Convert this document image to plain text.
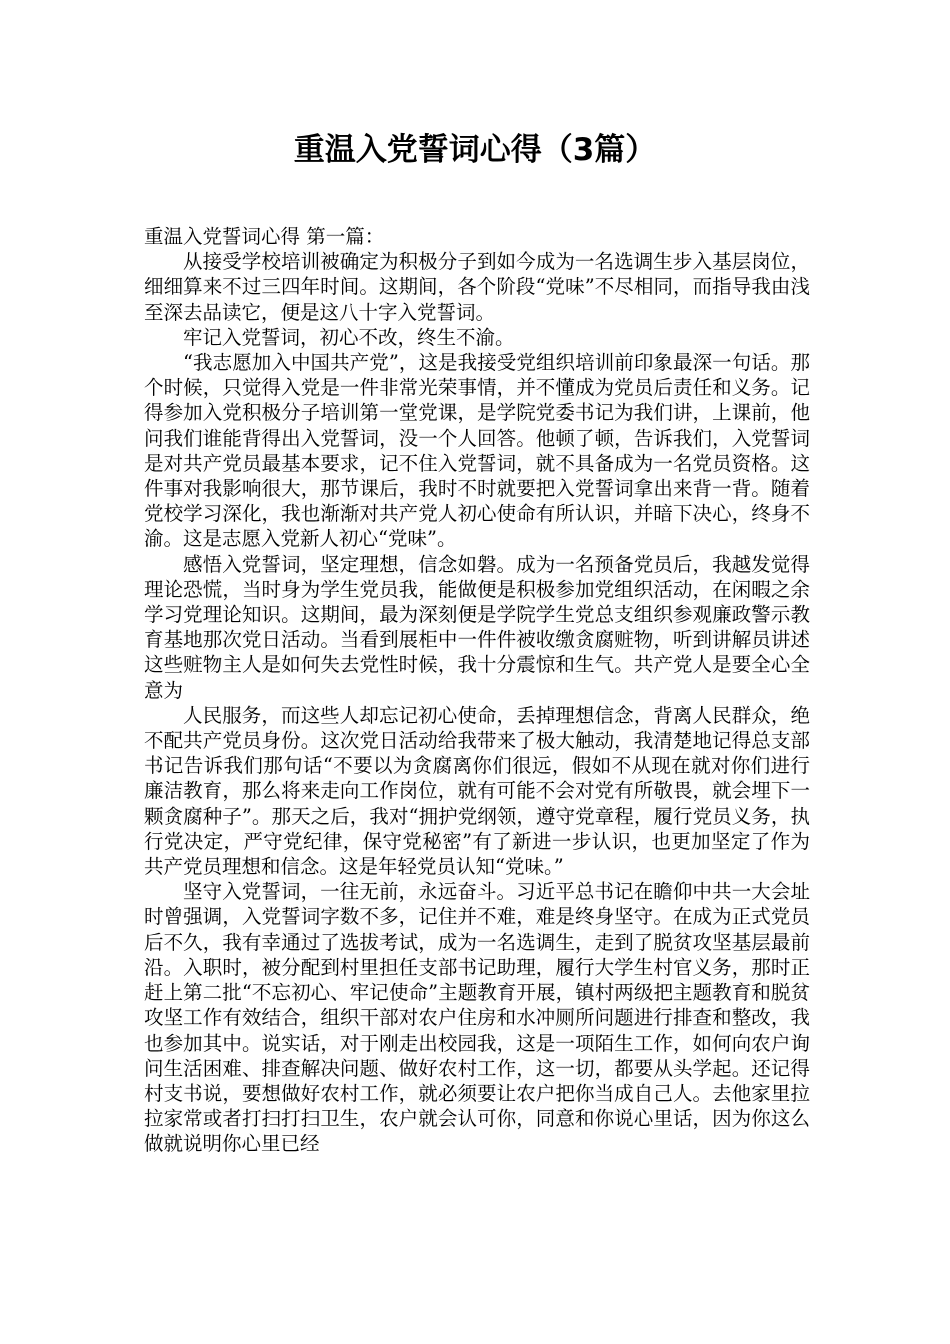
重温入党誓词心得（3篇）

重温入党誓词心得 第一篇：

从接受学校培训被确定为积极分子到如今成为一名选调生步入基层岗位，细细算来不过三四年时间。这期间，各个阶段“党味”不尽相同，而指导我由浅至深去品读它，便是这八十字入党誓词。

牢记入党誓词，初心不改，终生不渝。

“我志愿加入中国共产党”，这是我接受党组织培训前印象最深一句话。那个时候，只觉得入党是一件非常光荣事情，并不懂成为党员后责任和义务。记得参加入党积极分子培训第一堂党课，是学院党委书记为我们讲，上课前，他问我们谁能背得出入党誓词，没一个人回答。他顿了顿，告诉我们，入党誓词是对共产党员最基本要求，记不住入党誓词，就不具备成为一名党员资格。这件事对我影响很大，那节课后，我时不时就要把入党誓词拿出来背一背。随着党校学习深化，我也渐渐对共产党人初心使命有所认识，并暗下决心，终身不渝。这是志愿入党新人初心“党味”。

感悟入党誓词，坚定理想，信念如磐。成为一名预备党员后，我越发觉得理论恐慌，当时身为学生党员我，能做便是积极参加党组织活动，在闲暇之余学习党理论知识。这期间，最为深刻便是学院学生党总支组织参观廉政警示教育基地那次党日活动。当看到展柜中一件件被收缴贪腐赃物，听到讲解员讲述这些赃物主人是如何失去党性时候，我十分震惊和生气。共产党人是要全心全意为

人民服务，而这些人却忘记初心使命，丢掉理想信念，背离人民群众，绝不配共产党员身份。这次党日活动给我带来了极大触动，我清楚地记得总支部书记告诉我们那句话“不要以为贪腐离你们很远，假如不从现在就对你们进行廉洁教育，那么将来走向工作岗位，就有可能不会对党有所敬畏，就会埋下一颗贪腐种子”。那天之后，我对“拥护党纲领，遵守党章程，履行党员义务，执行党决定，严守党纪律，保守党秘密”有了新进一步认识，也更加坚定了作为共产党员理想和信念。这是年轻党员认知“党味。”

坚守入党誓词，一往无前，永远奋斗。习近平总书记在瞻仰中共一大会址时曾强调，入党誓词字数不多，记住并不难，难是终身坚守。在成为正式党员后不久，我有幸通过了选拔考试，成为一名选调生，走到了脱贫攻坚基层最前沿。入职时，被分配到村里担任支部书记助理，履行大学生村官义务，那时正赶上第二批“不忘初心、牢记使命”主题教育开展，镇村两级把主题教育和脱贫攻坚工作有效结合，组织干部对农户住房和水冲厕所问题进行排查和整改，我也参加其中。说实话，对于刚走出校园我，这是一项陌生工作，如何向农户询问生活困难、排查解决问题、做好农村工作，这一切，都要从头学起。还记得村支书说，要想做好农村工作，就必须要让农户把你当成自己人。去他家里拉拉家常或者打扫打扫卫生，农户就会认可你，同意和你说心里话，因为你这么做就说明你心里已经
